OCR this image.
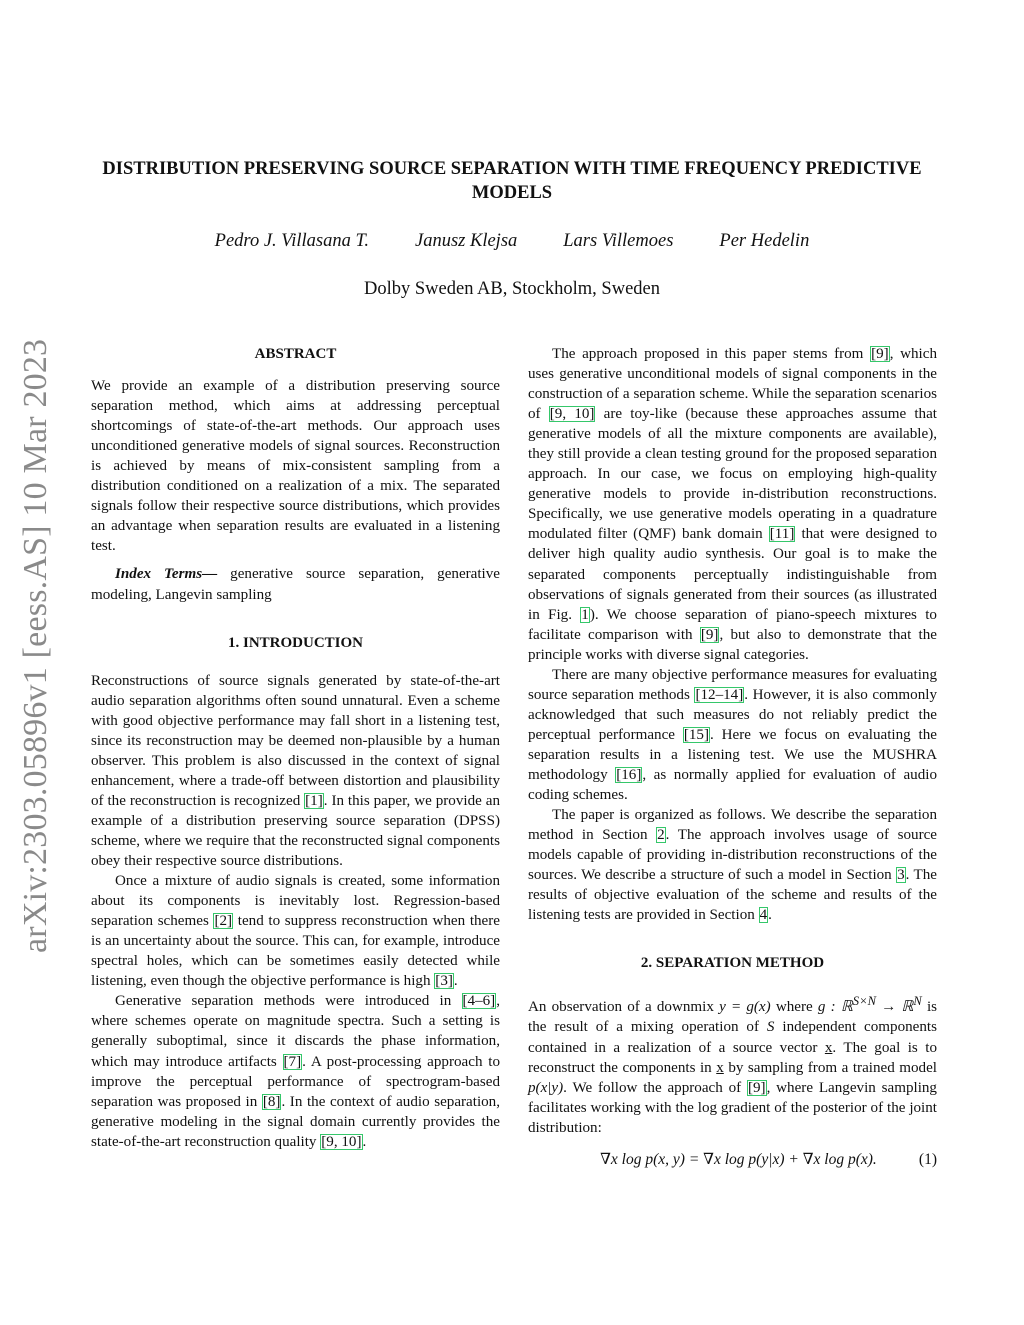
arXiv:2303.05896v1 [eess.AS] 10 Mar 2023
DISTRIBUTION PRESERVING SOURCE SEPARATION WITH TIME FREQUENCY PREDICTIVE MODELS
Pedro J. Villasana T. Janusz Klejsa Lars Villemoes Per Hedelin
Dolby Sweden AB, Stockholm, Sweden
ABSTRACT

We provide an example of a distribution preserving source separation method, which aims at addressing perceptual shortcomings of state-of-the-art methods. Our approach uses unconditioned generative models of signal sources. Reconstruction is achieved by means of mix-consistent sampling from a distribution conditioned on a realization of a mix. The separated signals follow their respective source distributions, which provides an advantage when separation results are evaluated in a listening test.

Index Terms— generative source separation, generative modeling, Langevin sampling

1. INTRODUCTION

Reconstructions of source signals generated by state-of-the-art audio separation algorithms often sound unnatural. Even a scheme with good objective performance may fall short in a listening test, since its reconstruction may be deemed non-plausible by a human observer. This problem is also discussed in the context of signal enhancement, where a trade-off between distortion and plausibility of the reconstruction is recognized [1]. In this paper, we provide an example of a distribution preserving source separation (DPSS) scheme, where we require that the reconstructed signal components obey their respective source distributions.

Once a mixture of audio signals is created, some information about its components is inevitably lost. Regression-based separation schemes [2] tend to suppress reconstruction when there is an uncertainty about the source. This can, for example, introduce spectral holes, which can be sometimes easily detected while listening, even though the objective performance is high [3].

Generative separation methods were introduced in [4–6], where schemes operate on magnitude spectra. Such a setting is generally suboptimal, since it discards the phase information, which may introduce artifacts [7]. A post-processing approach to improve the perceptual performance of spectrogram-based separation was proposed in [8]. In the context of audio separation, generative modeling in the signal domain currently provides the state-of-the-art reconstruction quality [9, 10].

The approach proposed in this paper stems from [9], which uses generative unconditional models of signal components in the construction of a separation scheme. While the separation scenarios of [9, 10] are toy-like (because these approaches assume that generative models of all the mixture components are available), they still provide a clean testing ground for the proposed separation approach. In our case, we focus on employing high-quality generative models to provide in-distribution reconstructions. Specifically, we use generative models operating in a quadrature modulated filter (QMF) bank domain [11] that were designed to deliver high quality audio synthesis. Our goal is to make the separated components perceptually indistinguishable from observations of signals generated from their sources (as illustrated in Fig. 1). We choose separation of piano-speech mixtures to facilitate comparison with [9], but also to demonstrate that the principle works with diverse signal categories.

There are many objective performance measures for evaluating source separation methods [12–14]. However, it is also commonly acknowledged that such measures do not reliably predict the perceptual performance [15]. Here we focus on evaluating the separation results in a listening test. We use the MUSHRA methodology [16], as normally applied for evaluation of audio coding schemes.

The paper is organized as follows. We describe the separation method in Section 2. The approach involves usage of source models capable of providing in-distribution reconstructions of the sources. We describe a structure of such a model in Section 3. The results of objective evaluation of the scheme and results of the listening tests are provided in Section 4.

2. SEPARATION METHOD

An observation of a downmix y = g(x) where g : ℝ$^{S\times N}$ → ℝ$^N$ is the result of a mixing operation of S independent components contained in a realization of a source vector x. The goal is to reconstruct the components in x by sampling from a trained model p(x|y). We follow the approach of [9], where Langevin sampling facilitates working with the log gradient of the posterior of the joint distribution:

∇x log p(x, y) = ∇x log p(y|x) + ∇x log p(x).	(1)
